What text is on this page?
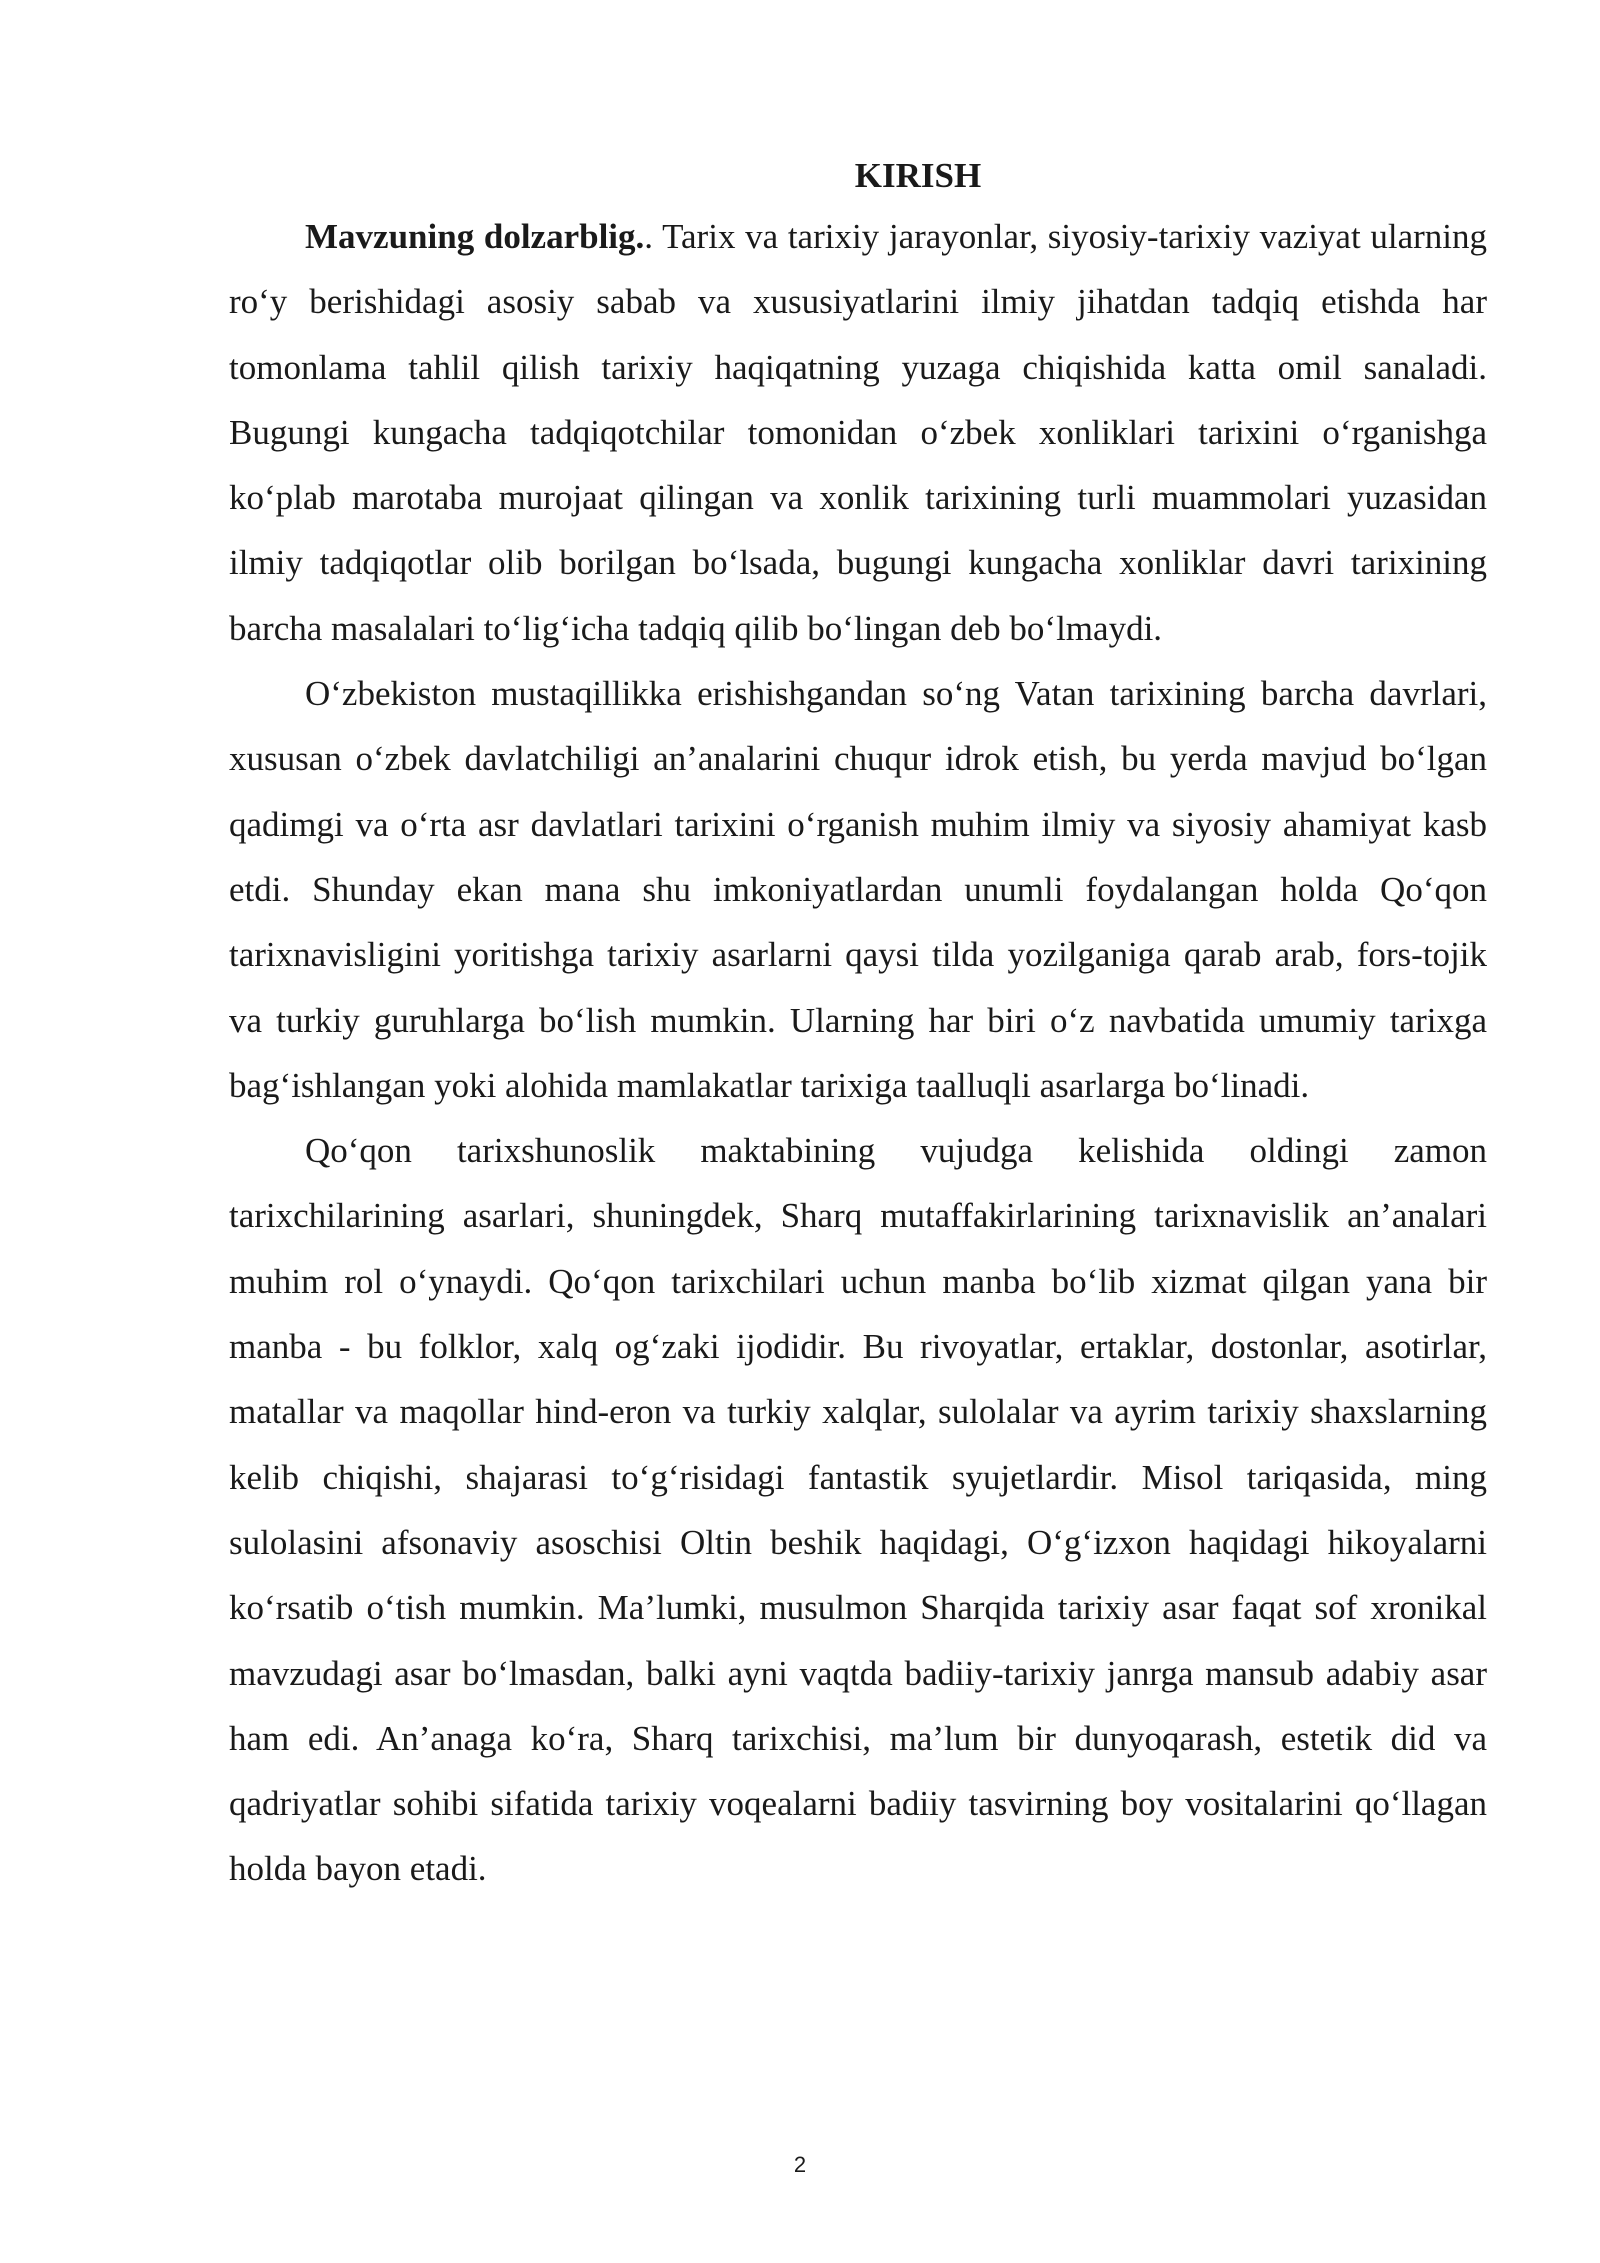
KIRISH

Mavzuning dolzarblig.. Tarix va tarixiy jarayonlar, siyosiy-tarixiy vaziyat ularning ro‘y berishidagi asosiy sabab va xususiyatlarini ilmiy jihatdan tadqiq etishda har tomonlama tahlil qilish tarixiy haqiqatning yuzaga chiqishida katta omil sanaladi. Bugungi kungacha tadqiqotchilar tomonidan o‘zbek xonliklari tarixini o‘rganishga ko‘plab marotaba murojaat qilingan va xonlik tarixining turli muammolari yuzasidan ilmiy tadqiqotlar olib borilgan bo‘lsada, bugungi kungacha xonliklar davri tarixining barcha masalalari to‘lig‘icha tadqiq qilib bo‘lingan deb bo‘lmaydi.

O‘zbekiston mustaqillikka erishishgandan so‘ng Vatan tarixining barcha davrlari, xususan o‘zbek davlatchiligi an’analarini chuqur idrok etish, bu yerda mavjud bo‘lgan qadimgi va o‘rta asr davlatlari tarixini o‘rganish muhim ilmiy va siyosiy ahamiyat kasb etdi. Shunday ekan mana shu imkoniyatlardan unumli foydalangan holda Qo‘qon tarixnavisligini yoritishga tarixiy asarlarni qaysi tilda yozilganiga qarab arab, fors-tojik va turkiy guruhlarga bo‘lish mumkin. Ularning har biri o‘z navbatida umumiy tarixga bag‘ishlangan yoki alohida mamlakatlar tarixiga taalluqli asarlarga bo‘linadi.

Qo‘qon tarixshunoslik maktabining vujudga kelishida oldingi zamon tarixchilarining asarlari, shuningdek, Sharq mutaffakirlarining tarixnavislik an’analari muhim rol o‘ynaydi. Qo‘qon tarixchilari uchun manba bo‘lib xizmat qilgan yana bir manba - bu folklor, xalq og‘zaki ijodidir. Bu rivoyatlar, ertaklar, dostonlar, asotirlar, matallar va maqollar hind-eron va turkiy xalqlar, sulolalar va ayrim tarixiy shaxslarning kelib chiqishi, shajarasi to‘g‘risidagi fantastik syujetlardir. Misol tariqasida, ming sulolasini afsonaviy asoschisi Oltin beshik haqidagi, O‘g‘izxon haqidagi hikoyalarni ko‘rsatib o‘tish mumkin. Ma’lumki, musulmon Sharqida tarixiy asar faqat sof xronikal mavzudagi asar bo‘lmasdan, balki ayni vaqtda badiiy-tarixiy janrga mansub adabiy asar ham edi. An’anaga ko‘ra, Sharq tarixchisi, ma’lum bir dunyoqarash, estetik did va qadriyatlar sohibi sifatida tarixiy voqealarni badiiy tasvirning boy vositalarini qo‘llagan holda bayon etadi.

2
